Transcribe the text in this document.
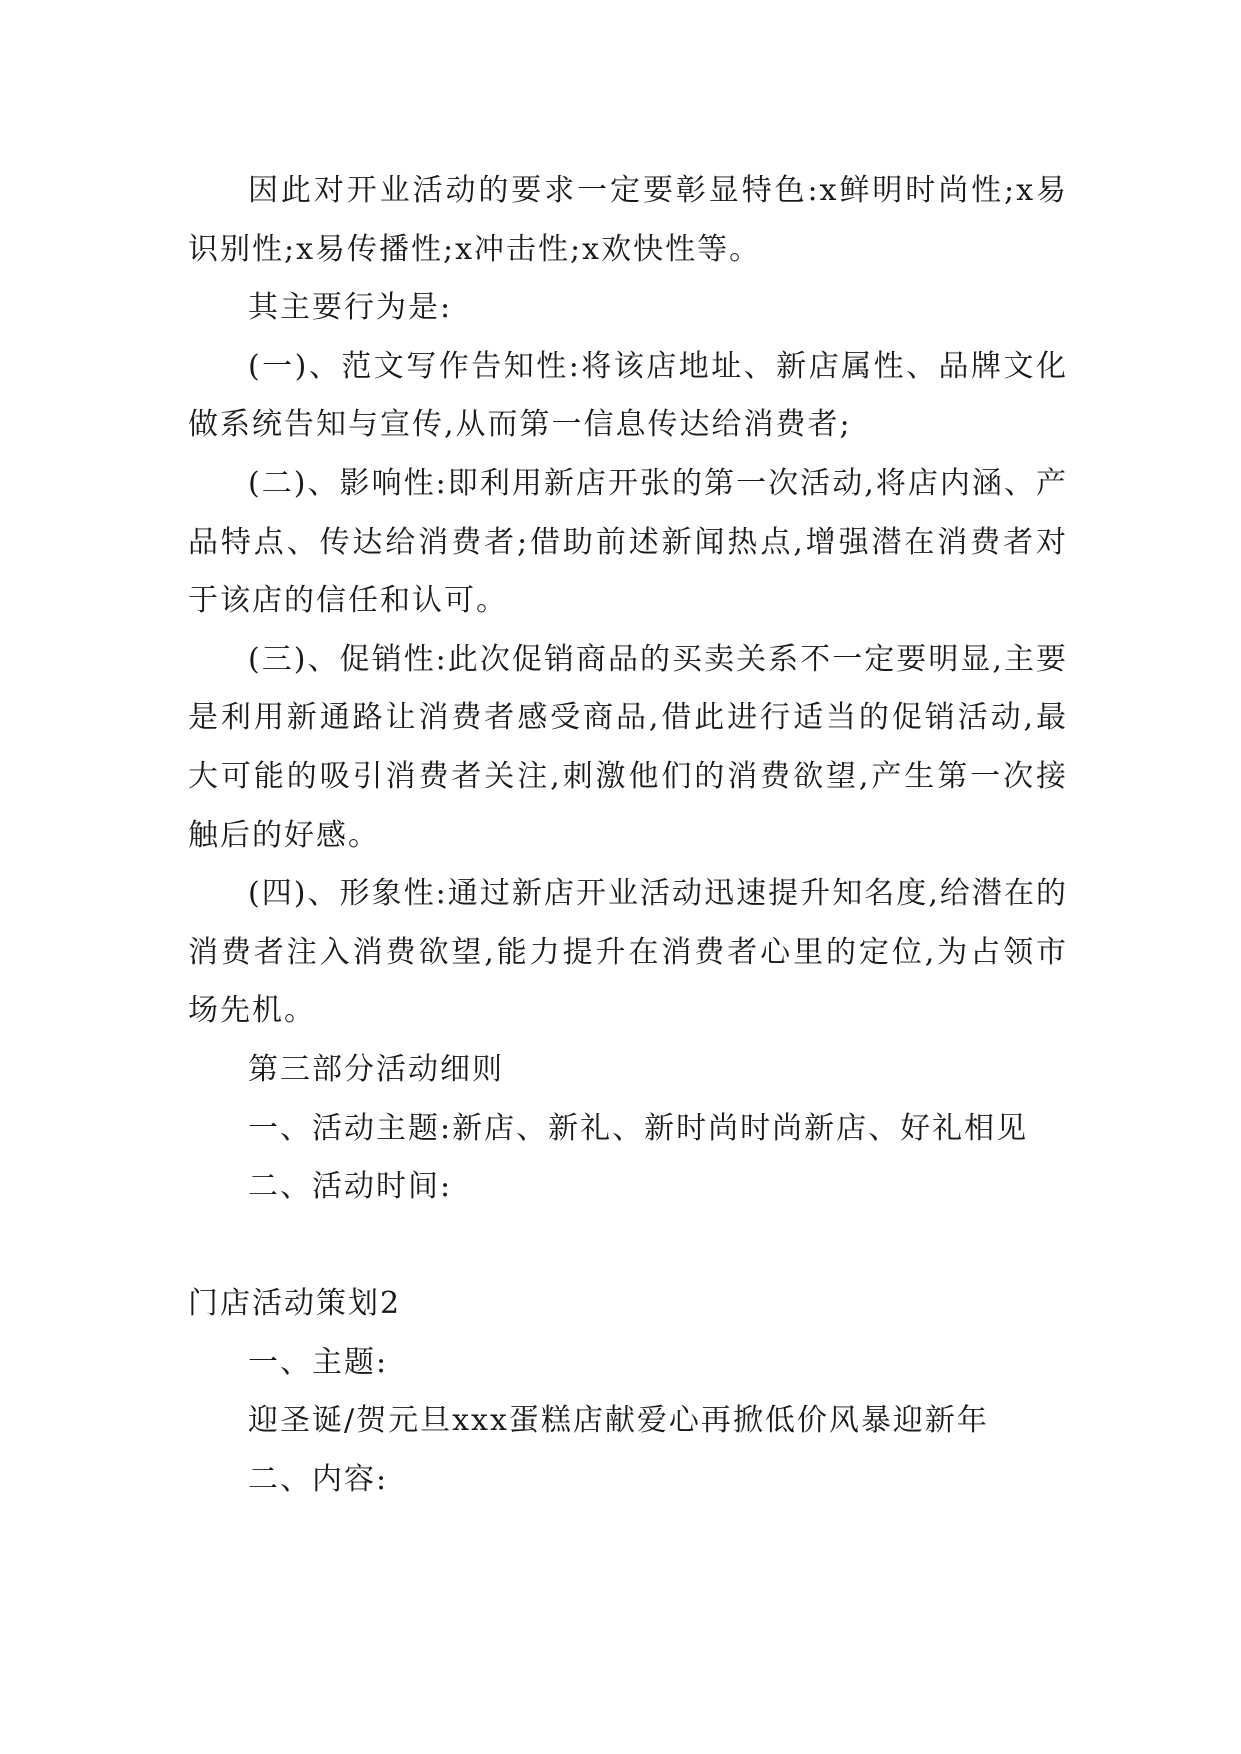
因此对开业活动的要求一定要彰显特色:x鲜明时尚性;x易识别性;x易传播性;x冲击性;x欢快性等。

其主要行为是:

(一)、范文写作告知性:将该店地址、新店属性、品牌文化做系统告知与宣传,从而第一信息传达给消费者;

(二)、影响性:即利用新店开张的第一次活动,将店内涵、产品特点、传达给消费者;借助前述新闻热点,增强潜在消费者对于该店的信任和认可。

(三)、促销性:此次促销商品的买卖关系不一定要明显,主要是利用新通路让消费者感受商品,借此进行适当的促销活动,最大可能的吸引消费者关注,刺激他们的消费欲望,产生第一次接触后的好感。

(四)、形象性:通过新店开业活动迅速提升知名度,给潜在的消费者注入消费欲望,能力提升在消费者心里的定位,为占领市场先机。

第三部分活动细则

一、活动主题:新店、新礼、新时尚时尚新店、好礼相见

二、活动时间:

门店活动策划2

一、主题:

迎圣诞/贺元旦xxx蛋糕店献爱心再掀低价风暴迎新年

二、内容:
